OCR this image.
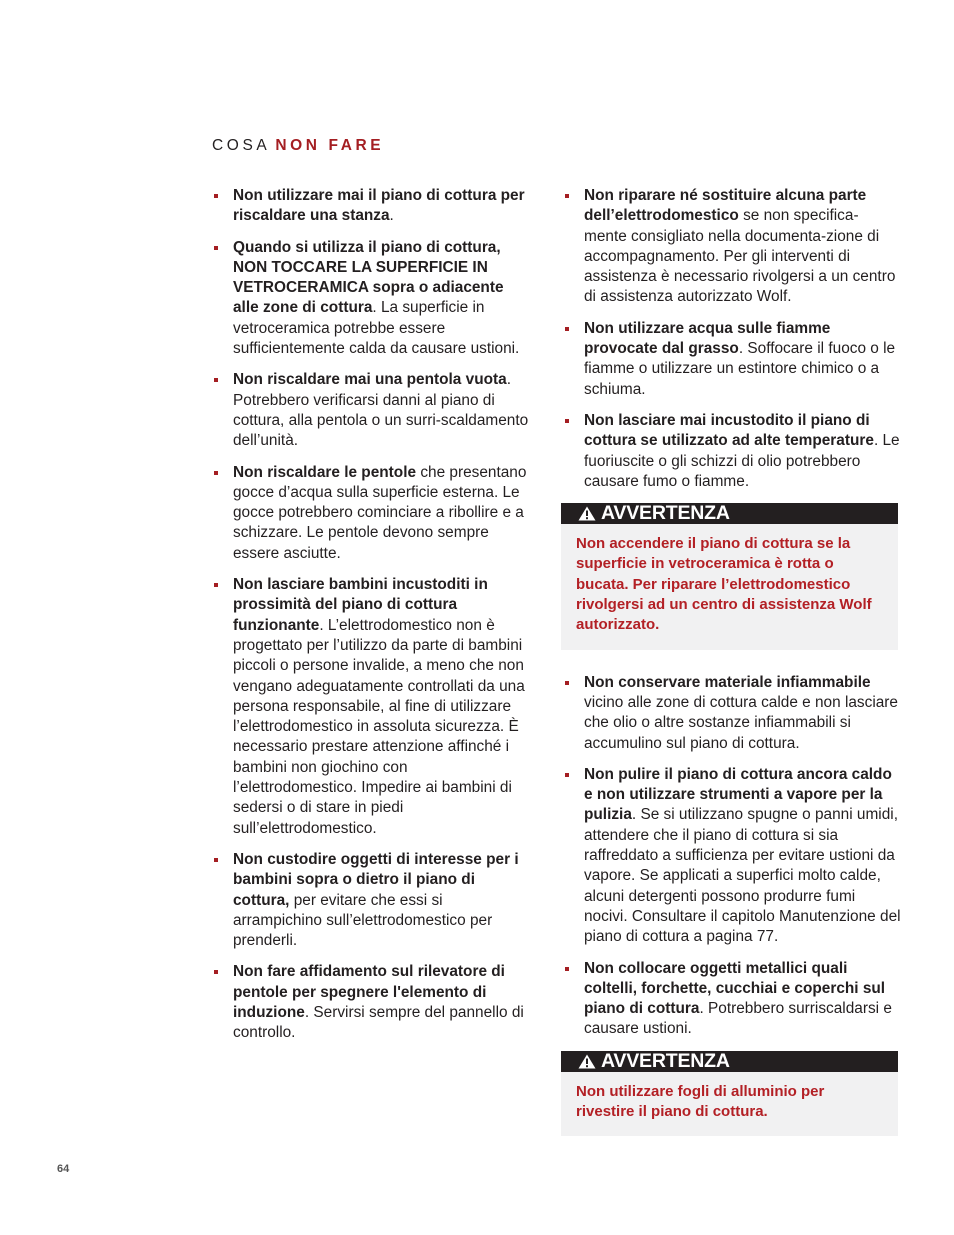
COSA NON FARE
Non utilizzare mai il piano di cottura per riscaldare una stanza.
Quando si utilizza il piano di cottura, NON TOCCARE LA SUPERFICIE IN VETROCERAMICA sopra o adiacente alle zone di cottura. La superficie in vetroceramica potrebbe essere sufficientemente calda da causare ustioni.
Non riscaldare mai una pentola vuota. Potrebbero verificarsi danni al piano di cottura, alla pentola o un surri-scaldamento dell’unità.
Non riscaldare le pentole che presentano gocce d’acqua sulla superficie esterna. Le gocce potrebbero cominciare a ribollire e a schizzare. Le pentole devono sempre essere asciutte.
Non lasciare bambini incustoditi in prossimità del piano di cottura funzionante. L’elettrodomestico non è progettato per l’utilizzo da parte di bambini piccoli o persone invalide, a meno che non vengano adeguatamente controllati da una persona responsabile, al fine di utilizzare l’elettrodomestico in assoluta sicurezza. È necessario prestare attenzione affinché i bambini non giochino con l’elettrodomestico. Impedire ai bambini di sedersi o di stare in piedi sull’elettrodomestico.
Non custodire oggetti di interesse per i bambini sopra o dietro il piano di cottura, per evitare che essi si arrampichino sull’elettrodomestico per prenderli.
Non fare affidamento sul rilevatore di pentole per spegnere l'elemento di induzione. Servirsi sempre del pannello di controllo.
Non riparare né sostituire alcuna parte dell’elettrodomestico se non specifica-mente consigliato nella documenta-zione di accompagnamento. Per gli interventi di assistenza è necessario rivolgersi a un centro di assistenza autorizzato Wolf.
Non utilizzare acqua sulle fiamme provocate dal grasso. Soffocare il fuoco o le fiamme o utilizzare un estintore chimico o a schiuma.
Non lasciare mai incustodito il piano di cottura se utilizzato ad alte temperature. Le fuoriuscite o gli schizzi di olio potrebbero causare fumo o fiamme.
AVVERTENZA
Non accendere il piano di cottura se la superficie in vetroceramica è rotta o bucata. Per riparare l’elettrodomestico rivolgersi ad un centro di assistenza Wolf autorizzato.
Non conservare materiale infiammabile vicino alle zone di cottura calde e non lasciare che olio o altre sostanze infiammabili si accumulino sul piano di cottura.
Non pulire il piano di cottura ancora caldo e non utilizzare strumenti a vapore per la pulizia. Se si utilizzano spugne o panni umidi, attendere che il piano di cottura si sia raffreddato a sufficienza per evitare ustioni da vapore. Se applicati a superfici molto calde, alcuni detergenti possono produrre fumi nocivi. Consultare il capitolo Manutenzione del piano di cottura a pagina 77.
Non collocare oggetti metallici quali coltelli, forchette, cucchiai e coperchi sul piano di cottura. Potrebbero surriscaldarsi e causare ustioni.
AVVERTENZA
Non utilizzare fogli di alluminio per rivestire il piano di cottura.
64
